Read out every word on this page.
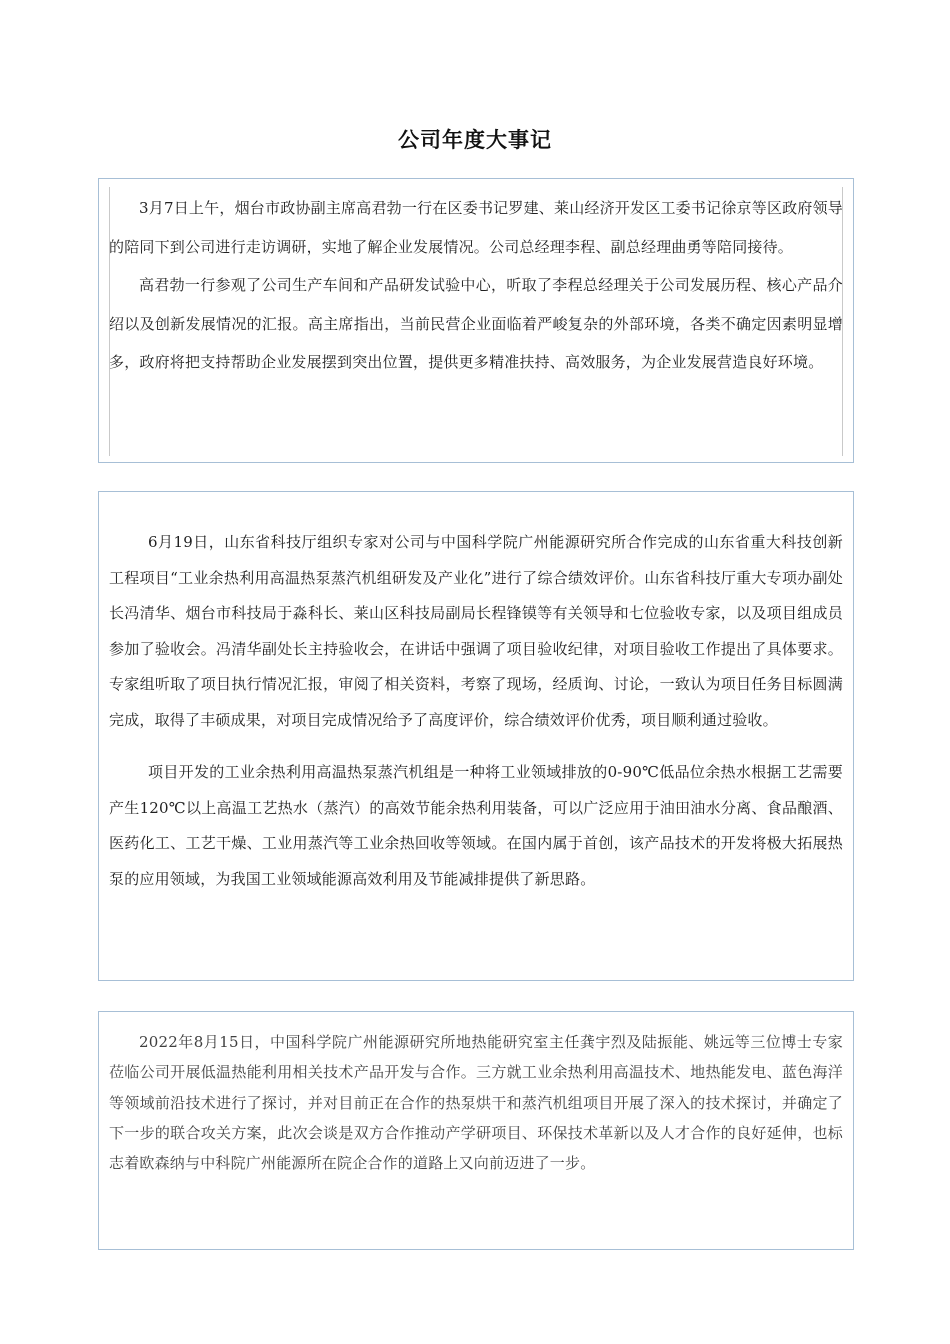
公司年度大事记

3月7日上午，烟台市政协副主席高君勃一行在区委书记罗建、莱山经济开发区工委书记徐京等区政府领导的陪同下到公司进行走访调研，实地了解企业发展情况。公司总经理李程、副总经理曲勇等陪同接待。

高君勃一行参观了公司生产车间和产品研发试验中心，听取了李程总经理关于公司发展历程、核心产品介绍以及创新发展情况的汇报。高主席指出，当前民营企业面临着严峻复杂的外部环境，各类不确定因素明显增多，政府将把支持帮助企业发展摆到突出位置，提供更多精准扶持、高效服务，为企业发展营造良好环境。

6月19日，山东省科技厅组织专家对公司与中国科学院广州能源研究所合作完成的山东省重大科技创新工程项目“工业余热利用高温热泵蒸汽机组研发及产业化”进行了综合绩效评价。山东省科技厅重大专项办副处长冯清华、烟台市科技局于淼科长、莱山区科技局副局长程锋镆等有关领导和七位验收专家，以及项目组成员参加了验收会。冯清华副处长主持验收会，在讲话中强调了项目验收纪律，对项目验收工作提出了具体要求。专家组听取了项目执行情况汇报，审阅了相关资料，考察了现场，经质询、讨论，一致认为项目任务目标圆满完成，取得了丰硕成果，对项目完成情况给予了高度评价，综合绩效评价优秀，项目顺利通过验收。

项目开发的工业余热利用高温热泵蒸汽机组是一种将工业领域排放的0-90℃低品位余热水根据工艺需要产生120℃以上高温工艺热水（蒸汽）的高效节能余热利用装备，可以广泛应用于油田油水分离、食品酿酒、医药化工、工艺干燥、工业用蒸汽等工业余热回收等领域。在国内属于首创，该产品技术的开发将极大拓展热泵的应用领域，为我国工业领域能源高效利用及节能减排提供了新思路。

2022年8月15日，中国科学院广州能源研究所地热能研究室主任龚宇烈及陆振能、姚远等三位博士专家莅临公司开展低温热能利用相关技术产品开发与合作。三方就工业余热利用高温技术、地热能发电、蓝色海洋等领域前沿技术进行了探讨，并对目前正在合作的热泵烘干和蒸汽机组项目开展了深入的技术探讨，并确定了下一步的联合攻关方案，此次会谈是双方合作推动产学研项目、环保技术革新以及人才合作的良好延伸，也标志着欧森纳与中科院广州能源所在院企合作的道路上又向前迈进了一步。
